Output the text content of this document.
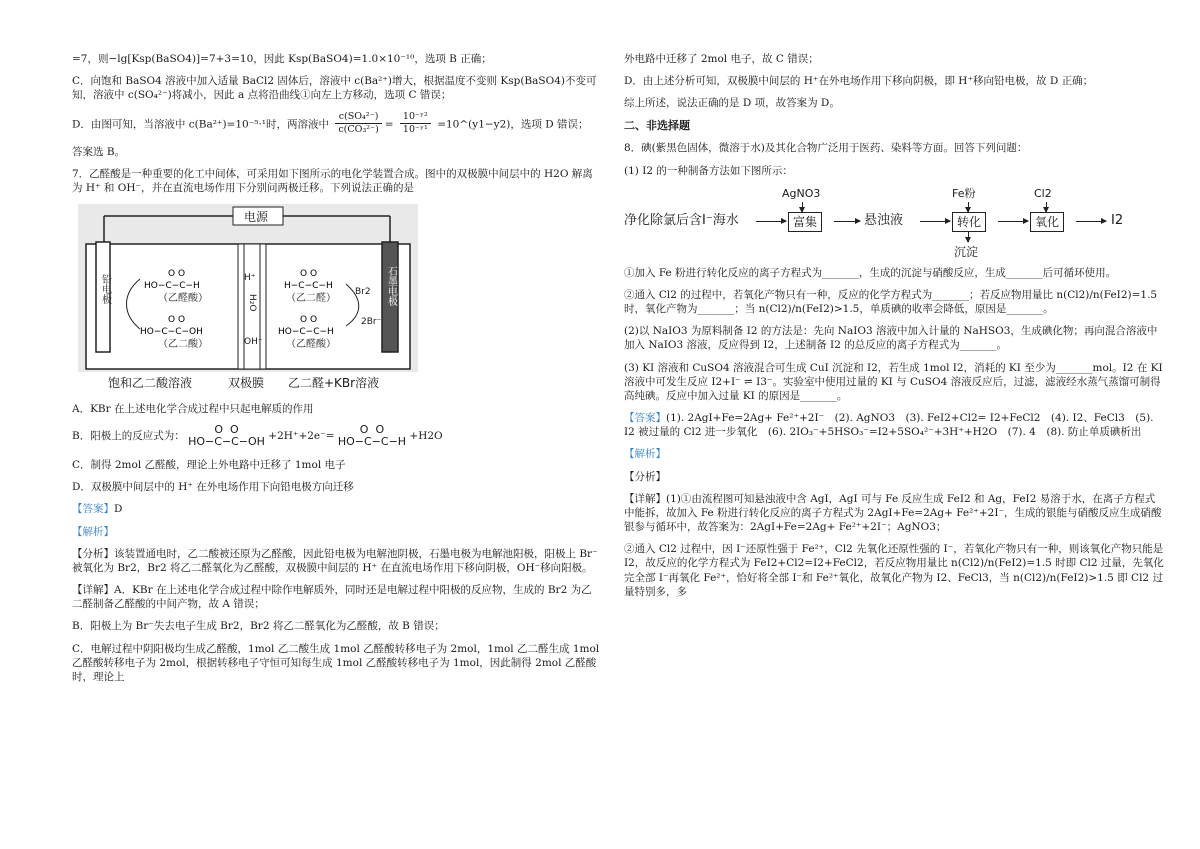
=7，则−lg[Ksp(BaSO4)]=7+3=10，因此 Ksp(BaSO4)=1.0×10⁻¹⁰，选项 B 正确；

C．向饱和 BaSO4 溶液中加入适量 BaCl2 固体后，溶液中 c(Ba²⁺)增大，根据温度不变则 Ksp(BaSO4)不变可知，溶液中 c(SO₄²⁻)将减小，因此 a 点将沿曲线①向左上方移动，选项 C 错误；

D．由图可知，当溶液中 c(Ba²⁺)=10⁻⁵·¹时，两溶液中 $\frac{\text{c(SO₄²⁻)}}{\text{c(CO₃²⁻)}} = \frac{\text{10⁻ʸ²}}{\text{10⁻ʸ¹}}$ =10^(y1−y2)，选项 D 错误；

答案选 B。

7．乙醛酸是一种重要的化工中间体，可采用如下图所示的电化学装置合成。图中的双极膜中间层中的 H2O 解离为 H⁺ 和 OH⁻，并在直流电场作用下分别问两极迁移。下列说法正确的是

O O
HO−C−C−H
O O
HO−C−C−OH
O O
H−C−C−H
O O
HO−C−C−H
电源
铅电极	石墨电极
（乙醛酸）
（乙二酸）
（乙二醛）
（乙醛酸）
Br2
2Br⁻
H⁺
H₂O
OH⁻
饱和乙二酸溶液	双极膜 乙二醛+KBr溶液

A．KBr 在上述电化学合成过程中只起电解质的作用

B．阳极上的反应式为： O  O
HO−C−C−OH +2H⁺+2e⁻= O  O
HO−C−C−H +H2O

C．制得 2mol 乙醛酸，理论上外电路中迁移了 1mol 电子

D．双极膜中间层中的 H⁺ 在外电场作用下向铅电极方向迁移

【答案】D

【解析】

【分析】该装置通电时，乙二酸被还原为乙醛酸，因此铅电极为电解池阴极，石墨电极为电解池阳极，阳极上 Br⁻ 被氧化为 Br2，Br2 将乙二醛氧化为乙醛酸，双极膜中间层的 H⁺ 在直流电场作用下移向阴极，OH⁻移向阳极。

【详解】A．KBr 在上述电化学合成过程中除作电解质外，同时还是电解过程中阳极的反应物，生成的 Br2 为乙二醛制备乙醛酸的中间产物，故 A 错误；

B．阳极上为 Br⁻失去电子生成 Br2，Br2 将乙二醛氧化为乙醛酸，故 B 错误；

C．电解过程中阴阳极均生成乙醛酸，1mol 乙二酸生成 1mol 乙醛酸转移电子为 2mol，1mol 乙二醛生成 1mol 乙醛酸转移电子为 2mol，根据转移电子守恒可知每生成 1mol 乙醛酸转移电子为 1mol，因此制得 2mol 乙醛酸时，理论上

外电路中迁移了 2mol 电子，故 C 错误；

D．由上述分析可知，双极膜中间层的 H⁺在外电场作用下移向阴极，即 H⁺移向铅电极，故 D 正确；

综上所述，说法正确的是 D 项，故答案为 D。

二、非选择题

8．碘(紫黑色固体，微溶于水)及其化合物广泛用于医药、染料等方面。回答下列问题：

(1) I2 的一种制备方法如下图所示：

净化除氯后含I⁻海水
AgNO3
富集	悬浊液
Fe粉
转化
沉淀
Cl2
氧化	I2

①加入 Fe 粉进行转化反应的离子方程式为_______，生成的沉淀与硝酸反应，生成_______后可循环使用。

②通入 Cl2 的过程中，若氧化产物只有一种，反应的化学方程式为_______；若反应物用量比 n(Cl2)/n(FeI2)=1.5 时，氧化产物为_______；当 n(Cl2)/n(FeI2)>1.5，单质碘的收率会降低，原因是_______。

(2)以 NaIO3 为原料制备 I2 的方法是：先向 NaIO3 溶液中加入计量的 NaHSO3，生成碘化物；再向混合溶液中加入 NaIO3 溶液，反应得到 I2，上述制备 I2 的总反应的离子方程式为_______。

(3) KI 溶液和 CuSO4 溶液混合可生成 CuI 沉淀和 I2，若生成 1mol I2，消耗的 KI 至少为_______mol。I2 在 KI 溶液中可发生反应 I2+I⁻ ⇌ I3⁻。实验室中使用过量的 KI 与 CuSO4 溶液反应后，过滤，滤液经水蒸气蒸馏可制得高纯碘。反应中加入过量 KI 的原因是_______。

【答案】(1). 2AgI+Fe=2Ag+ Fe²⁺+2I⁻　(2). AgNO3　(3). FeI2+Cl2= I2+FeCl2　(4). I2、FeCl3　(5). I2 被过量的 Cl2 进一步氧化　(6). 2IO₃⁻+5HSO₃⁻=I2+5SO₄²⁻+3H⁺+H2O　(7). 4　(8). 防止单质碘析出

【解析】

【分析】

【详解】(1)①由流程图可知悬浊液中含 AgI，AgI 可与 Fe 反应生成 FeI2 和 Ag，FeI2 易溶于水，在离子方程式中能拆，故加入 Fe 粉进行转化反应的离子方程式为 2AgI+Fe=2Ag+ Fe²⁺+2I⁻，生成的银能与硝酸反应生成硝酸银参与循环中，故答案为：2AgI+Fe=2Ag+ Fe²⁺+2I⁻；AgNO3；

②通入 Cl2 过程中，因 I⁻还原性强于 Fe²⁺，Cl2 先氧化还原性强的 I⁻，若氧化产物只有一种，则该氧化产物只能是 I2，故反应的化学方程式为 FeI2+Cl2=I2+FeCl2，若反应物用量比 n(Cl2)/n(FeI2)=1.5 时即 Cl2 过量，先氧化完全部 I⁻再氧化 Fe²⁺，恰好将全部 I⁻和 Fe²⁺氧化，故氧化产物为 I2、FeCl3，当 n(Cl2)/n(FeI2)>1.5 即 Cl2 过量特别多，多
